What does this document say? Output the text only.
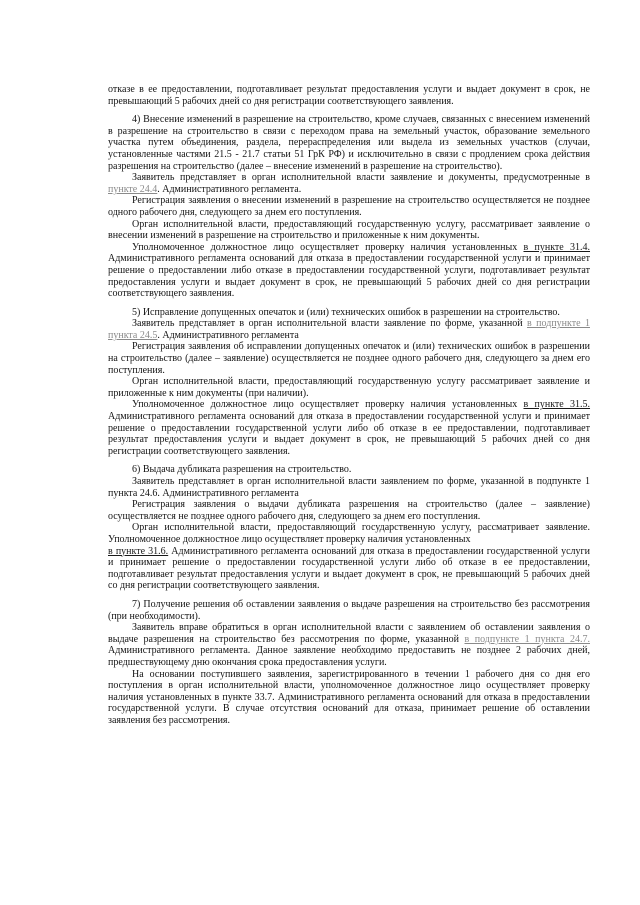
отказе в ее предоставлении, подготавливает результат предоставления услуги и выдает документ в срок, не превышающий 5 рабочих дней со дня регистрации соответствующего заявления.

4) Внесение изменений в разрешение на строительство, кроме случаев, связанных с внесением изменений в разрешение на строительство в связи с переходом права на земельный участок, образование земельного участка путем объединения, раздела, перераспределения или выдела из земельных участков (случаи, установленные частями 21.5 - 21.7 статьи 51 ГрК РФ) и исключительно в связи с продлением срока действия разрешения на строительство (далее – внесение изменений в разрешение на строительство).

Заявитель представляет в орган исполнительной власти заявление и документы, предусмотренные в пункте 24.4. Административного регламента.

Регистрация заявления о внесении изменений в разрешение на строительство осуществляется не позднее одного рабочего дня, следующего за днем его поступления.

Орган исполнительной власти, предоставляющий государственную услугу, рассматривает заявление о внесении изменений в разрешение на строительство и приложенные к ним документы.

Уполномоченное должностное лицо осуществляет проверку наличия установленных в пункте 31.4. Административного регламента оснований для отказа в предоставлении государственной услуги и принимает решение о предоставлении либо отказе в предоставлении государственной услуги, подготавливает результат предоставления услуги и выдает документ в срок, не превышающий 5 рабочих дней со дня регистрации соответствующего заявления.

5) Исправление допущенных опечаток и (или) технических ошибок в разрешении на строительство.

Заявитель представляет в орган исполнительной власти заявление по форме, указанной в подпункте 1 пункта 24.5. Административного регламента

Регистрация заявления об исправлении допущенных опечаток и (или) технических ошибок в разрешении на строительство (далее – заявление) осуществляется не позднее одного рабочего дня, следующего за днем его поступления.

Орган исполнительной власти, предоставляющий государственную услугу рассматривает заявление и приложенные к ним документы (при наличии).

Уполномоченное должностное лицо осуществляет проверку наличия установленных в пункте 31.5. Административного регламента оснований для отказа в предоставлении государственной услуги и принимает решение о предоставлении государственной услуги либо об отказе в ее предоставлении, подготавливает результат предоставления услуги и выдает документ в срок, не превышающий 5 рабочих дней со дня регистрации соответствующего заявления.

6) Выдача дубликата разрешения на строительство.

Заявитель представляет в орган исполнительной власти заявлением по форме, указанной в подпункте 1 пункта 24.6. Административного регламента

Регистрация заявления о выдачи дубликата разрешения на строительство (далее – заявление) осуществляется не позднее одного рабочего дня, следующего за днем его поступления.

Орган исполнительной власти, предоставляющий государственную услугу, рассматривает заявление. Уполномоченное должностное лицо осуществляет проверку наличия установленных

в пункте 31.6. Административного регламента оснований для отказа в предоставлении государственной услуги и принимает решение о предоставлении государственной услуги либо об отказе в ее предоставлении, подготавливает результат предоставления услуги и выдает документ в срок, не превышающий 5 рабочих дней со дня регистрации соответствующего заявления.

7) Получение решения об оставлении заявления о выдаче разрешения на строительство без рассмотрения (при необходимости).

Заявитель вправе обратиться в орган исполнительной власти с заявлением об оставлении заявления о выдаче разрешения на строительство без рассмотрения по форме, указанной в подпункте 1 пункта 24.7. Административного регламента. Данное заявление необходимо предоставить не позднее 2 рабочих дней, предшествующему дню окончания срока предоставления услуги.

На основании поступившего заявления, зарегистрированного в течении 1 рабочего дня со дня его поступления в орган исполнительной власти, уполномоченное должностное лицо осуществляет проверку наличия установленных в пункте 33.7. Административного регламента оснований для отказа в предоставлении государственной услуги. В случае отсутствия оснований для отказа, принимает решение об оставлении заявления без рассмотрения.
